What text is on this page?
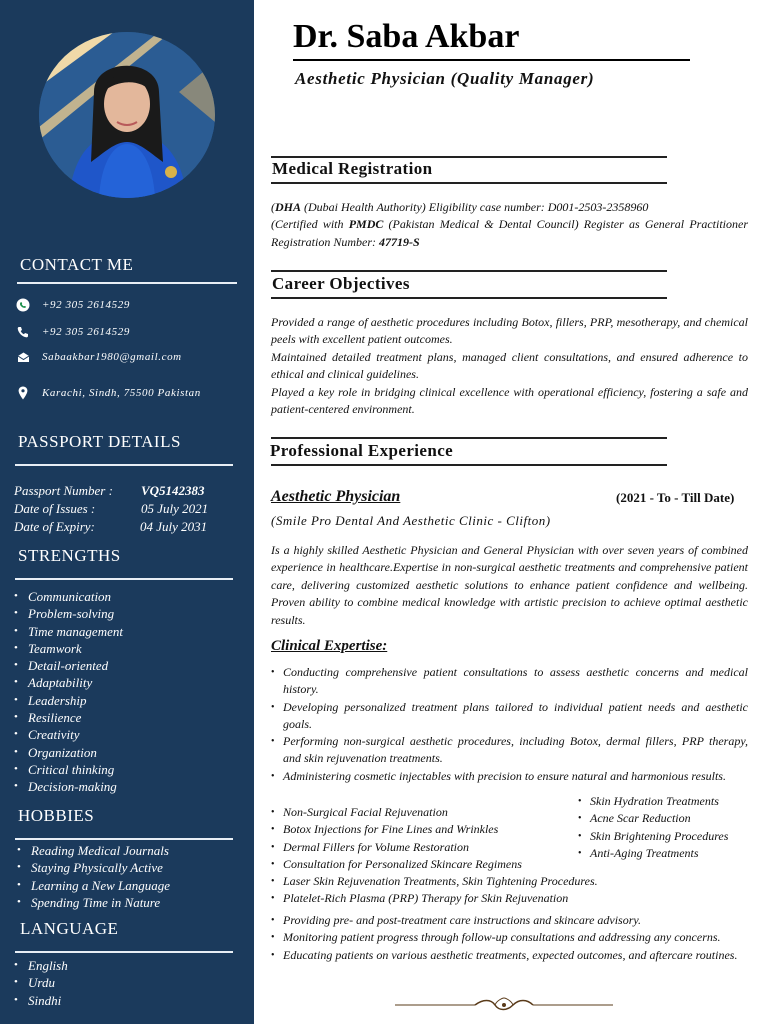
CONTACT ME
+92 305 2614529
+92 305 2614529
Sabaakbar1980@gmail.com
Karachi, Sindh, 75500 Pakistan
PASSPORT DETAILS
Passport Number : VQ5142383
Date of Issues :	05 July 2021
Date of Expiry:	04 July 2031
STRENGTHS
• Communication
• Problem-solving
• Time management
• Teamwork
• Detail-oriented
• Adaptability
• Leadership
• Resilience
• Creativity
• Organization
• Critical thinking
• Decision-making
HOBBIES
• Reading Medical Journals
• Staying Physically Active
• Learning a New Language
• Spending Time in Nature
LANGUAGE
• English
• Urdu
• Sindhi
Dr. Saba Akbar
Aesthetic Physician (Quality Manager)
Medical Registration
(DHA (Dubai Health Authority) Eligibility case number: D001-2503-2358960
(Certified with PMDC (Pakistan Medical & Dental Council) Register as General Practitioner Registration Number: 47719-S
Career Objectives
Provided a range of aesthetic procedures including Botox, fillers, PRP, mesotherapy, and chemical peels with excellent patient outcomes.
Maintained detailed treatment plans, managed client consultations, and ensured adherence to ethical and clinical guidelines.
Played a key role in bridging clinical excellence with operational efficiency, fostering a safe and patient-centered environment.
Professional Experience
Aesthetic Physician	(2021 - To - Till Date)
(Smile Pro Dental And Aesthetic Clinic - Clifton)
Is a highly skilled Aesthetic Physician and General Physician with over seven years of combined experience in healthcare.Expertise in non-surgical aesthetic treatments and comprehensive patient care, delivering customized aesthetic solutions to enhance patient confidence and wellbeing. Proven ability to combine medical knowledge with artistic precision to achieve optimal aesthetic results.
Clinical Expertise:
• Conducting comprehensive patient consultations to assess aesthetic concerns and medical history.
• Developing personalized treatment plans tailored to individual patient needs and aesthetic goals.
• Performing non-surgical aesthetic procedures, including Botox, dermal fillers, PRP therapy, and skin rejuvenation treatments.
• Administering cosmetic injectables with precision to ensure natural and harmonious results.
• Non-Surgical Facial Rejuvenation
• Botox Injections for Fine Lines and Wrinkles
• Dermal Fillers for Volume Restoration
• Consultation for Personalized Skincare Regimens
• Laser Skin Rejuvenation Treatments, Skin Tightening Procedures.
• Platelet-Rich Plasma (PRP) Therapy for Skin Rejuvenation
• Skin Hydration Treatments
• Acne Scar Reduction
• Skin Brightening Procedures
• Anti-Aging Treatments
• Providing pre- and post-treatment care instructions and skincare advisory.
• Monitoring patient progress through follow-up consultations and addressing any concerns.
• Educating patients on various aesthetic treatments, expected outcomes, and aftercare routines.
